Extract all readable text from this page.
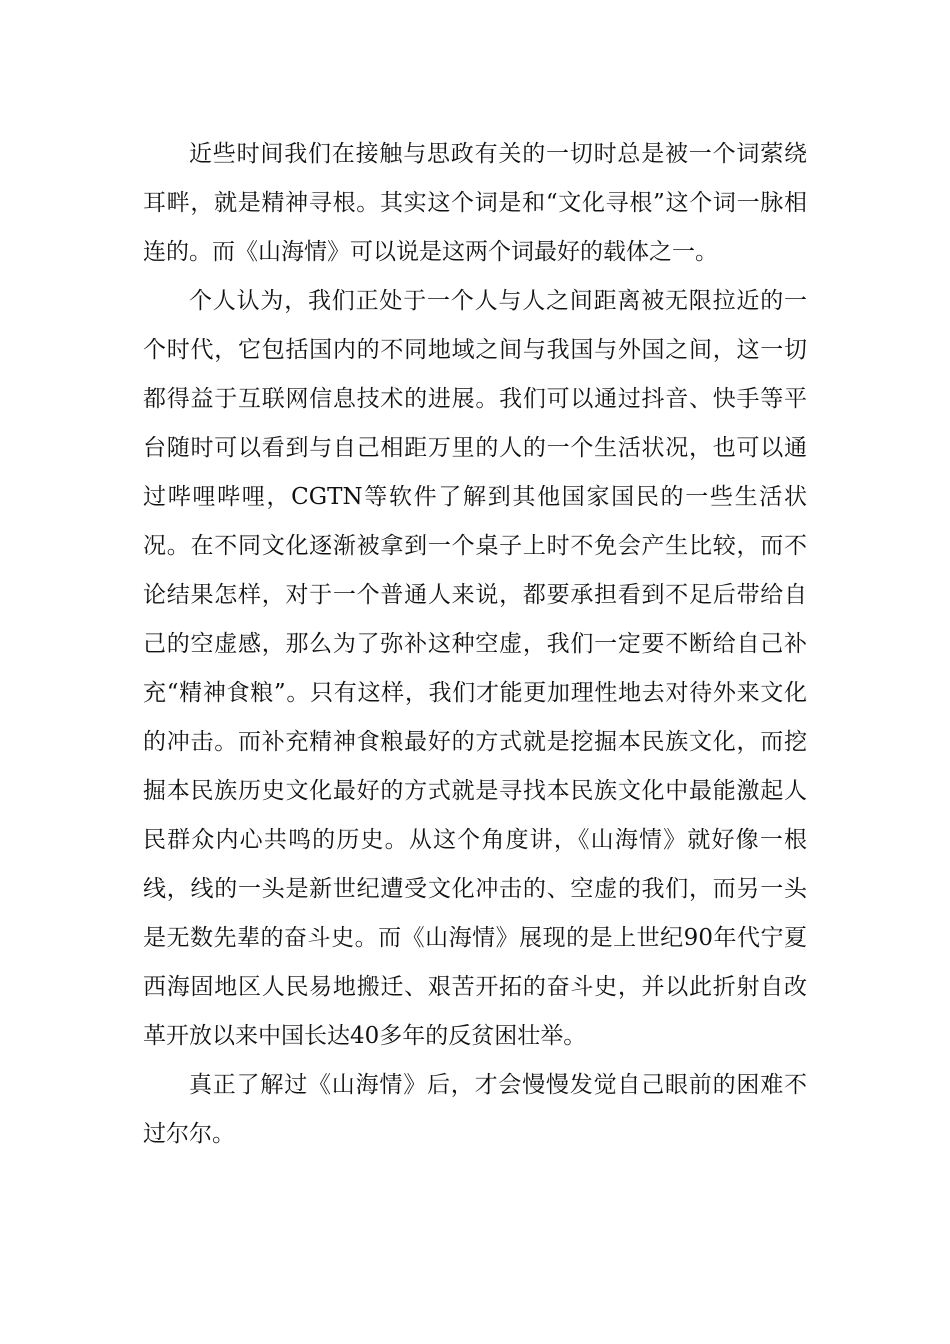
近些时间我们在接触与思政有关的一切时总是被一个词萦绕耳畔，就是精神寻根。其实这个词是和“文化寻根”这个词一脉相连的。而《山海情》可以说是这两个词最好的载体之一。

个人认为，我们正处于一个人与人之间距离被无限拉近的一个时代，它包括国内的不同地域之间与我国与外国之间，这一切都得益于互联网信息技术的进展。我们可以通过抖音、快手等平台随时可以看到与自己相距万里的人的一个生活状况，也可以通过哔哩哔哩，CGTN等软件了解到其他国家国民的一些生活状况。在不同文化逐渐被拿到一个桌子上时不免会产生比较，而不论结果怎样，对于一个普通人来说，都要承担看到不足后带给自己的空虚感，那么为了弥补这种空虚，我们一定要不断给自己补充“精神食粮”。只有这样，我们才能更加理性地去对待外来文化的冲击。而补充精神食粮最好的方式就是挖掘本民族文化，而挖掘本民族历史文化最好的方式就是寻找本民族文化中最能激起人民群众内心共鸣的历史。从这个角度讲，《山海情》就好像一根线，线的一头是新世纪遭受文化冲击的、空虚的我们，而另一头是无数先辈的奋斗史。而《山海情》展现的是上世纪90年代宁夏西海固地区人民易地搬迁、艰苦开拓的奋斗史，并以此折射自改革开放以来中国长达40多年的反贫困壮举。

真正了解过《山海情》后，才会慢慢发觉自己眼前的困难不过尔尔。
